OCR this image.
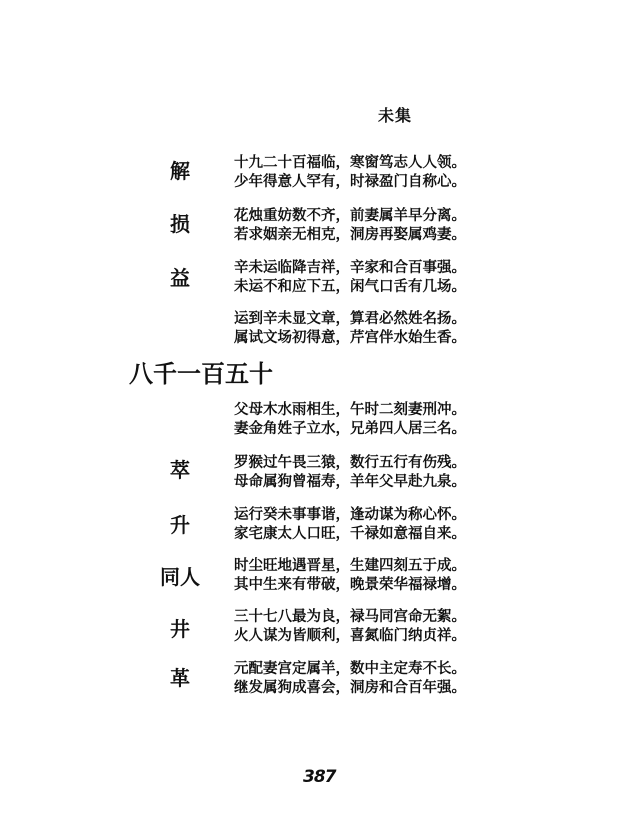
未集
解
损
益
萃
升
同人
井
革
八千一百五十
十九二十百福临，寒窗笃志人人领。
少年得意人罕有，时禄盈门自称心。
花烛重妨数不齐，前妻属羊早分离。
若求姻亲无相克，洞房再娶属鸡妻。
辛未运临降吉祥，辛家和合百事强。
未运不和应下五，闲气口舌有几场。
运到辛未显文章，算君必然姓名扬。
属试文场初得意，芹宫伴水始生香。
父母木水雨相生，午时二刻妻刑冲。
妻金角姓子立水，兄弟四人居三名。
罗猴过午畏三猿，数行五行有伤残。
母命属狗曾福寿，羊年父早赴九泉。
运行癸未事事谐，逢动谋为称心怀。
家宅康太人口旺，千禄如意福自来。
时尘旺地遇晋星，生建四刻五于成。
其中生来有带破，晚景荣华福禄增。
三十七八最为良，禄马同宫命无絮。
火人谋为皆顺利，喜氮临门纳贞祥。
元配妻宫定属羊，数中主定寿不长。
继发属狗成喜会，洞房和合百年强。
387
